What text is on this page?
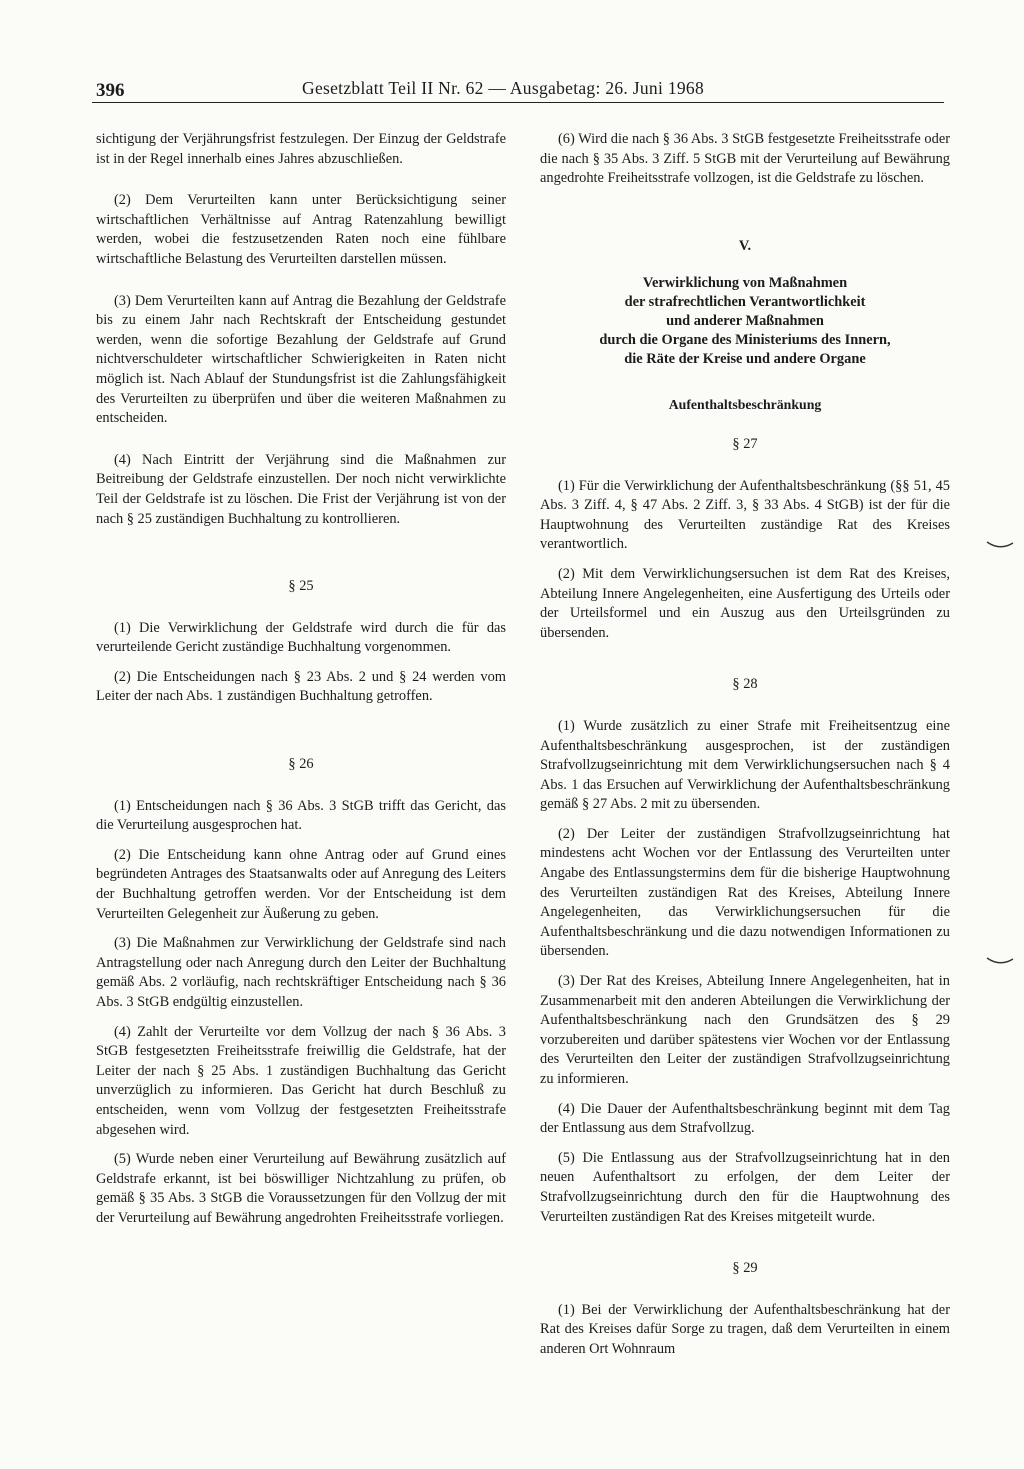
396	Gesetzblatt Teil II Nr. 62 — Ausgabetag: 26. Juni 1968

sichtigung der Verjährungsfrist festzulegen. Der Einzug der Geldstrafe ist in der Regel innerhalb eines Jahres abzuschließen.

(2) Dem Verurteilten kann unter Berücksichtigung seiner wirtschaftlichen Verhältnisse auf Antrag Ratenzahlung bewilligt werden, wobei die festzusetzenden Raten noch eine fühlbare wirtschaftliche Belastung des Verurteilten darstellen müssen.

(3) Dem Verurteilten kann auf Antrag die Bezahlung der Geldstrafe bis zu einem Jahr nach Rechtskraft der Entscheidung gestundet werden, wenn die sofortige Bezahlung der Geldstrafe auf Grund nichtverschuldeter wirtschaftlicher Schwierigkeiten in Raten nicht möglich ist. Nach Ablauf der Stundungsfrist ist die Zahlungsfähigkeit des Verurteilten zu überprüfen und über die weiteren Maßnahmen zu entscheiden.

(4) Nach Eintritt der Verjährung sind die Maßnahmen zur Beitreibung der Geldstrafe einzustellen. Der noch nicht verwirklichte Teil der Geldstrafe ist zu löschen. Die Frist der Verjährung ist von der nach § 25 zuständigen Buchhaltung zu kontrollieren.

§ 25

(1) Die Verwirklichung der Geldstrafe wird durch die für das verurteilende Gericht zuständige Buchhaltung vorgenommen.

(2) Die Entscheidungen nach § 23 Abs. 2 und § 24 werden vom Leiter der nach Abs. 1 zuständigen Buchhaltung getroffen.

§ 26

(1) Entscheidungen nach § 36 Abs. 3 StGB trifft das Gericht, das die Verurteilung ausgesprochen hat.

(2) Die Entscheidung kann ohne Antrag oder auf Grund eines begründeten Antrages des Staatsanwalts oder auf Anregung des Leiters der Buchhaltung getroffen werden. Vor der Entscheidung ist dem Verurteilten Gelegenheit zur Äußerung zu geben.

(3) Die Maßnahmen zur Verwirklichung der Geldstrafe sind nach Antragstellung oder nach Anregung durch den Leiter der Buchhaltung gemäß Abs. 2 vorläufig, nach rechtskräftiger Entscheidung nach § 36 Abs. 3 StGB endgültig einzustellen.

(4) Zahlt der Verurteilte vor dem Vollzug der nach § 36 Abs. 3 StGB festgesetzten Freiheitsstrafe freiwillig die Geldstrafe, hat der Leiter der nach § 25 Abs. 1 zuständigen Buchhaltung das Gericht unverzüglich zu informieren. Das Gericht hat durch Beschluß zu entscheiden, wenn vom Vollzug der festgesetzten Freiheitsstrafe abgesehen wird.

(5) Wurde neben einer Verurteilung auf Bewährung zusätzlich auf Geldstrafe erkannt, ist bei böswilliger Nichtzahlung zu prüfen, ob gemäß § 35 Abs. 3 StGB die Voraussetzungen für den Vollzug der mit der Verurteilung auf Bewährung angedrohten Freiheitsstrafe vorliegen.

(6) Wird die nach § 36 Abs. 3 StGB festgesetzte Freiheitsstrafe oder die nach § 35 Abs. 3 Ziff. 5 StGB mit der Verurteilung auf Bewährung angedrohte Freiheitsstrafe vollzogen, ist die Geldstrafe zu löschen.

V.
Verwirklichung von Maßnahmen
der strafrechtlichen Verantwortlichkeit
und anderer Maßnahmen
durch die Organe des Ministeriums des Innern,
die Räte der Kreise und andere Organe
Aufenthaltsbeschränkung
§ 27

(1) Für die Verwirklichung der Aufenthaltsbeschränkung (§§ 51, 45 Abs. 3 Ziff. 4, § 47 Abs. 2 Ziff. 3, § 33 Abs. 4 StGB) ist der für die Hauptwohnung des Verurteilten zuständige Rat des Kreises verantwortlich.

(2) Mit dem Verwirklichungsersuchen ist dem Rat des Kreises, Abteilung Innere Angelegenheiten, eine Ausfertigung des Urteils oder der Urteilsformel und ein Auszug aus den Urteilsgründen zu übersenden.

§ 28

(1) Wurde zusätzlich zu einer Strafe mit Freiheitsentzug eine Aufenthaltsbeschränkung ausgesprochen, ist der zuständigen Strafvollzugseinrichtung mit dem Verwirklichungsersuchen nach § 4 Abs. 1 das Ersuchen auf Verwirklichung der Aufenthaltsbeschränkung gemäß § 27 Abs. 2 mit zu übersenden.

(2) Der Leiter der zuständigen Strafvollzugseinrichtung hat mindestens acht Wochen vor der Entlassung des Verurteilten unter Angabe des Entlassungstermins dem für die bisherige Hauptwohnung des Verurteilten zuständigen Rat des Kreises, Abteilung Innere Angelegenheiten, das Verwirklichungsersuchen für die Aufenthaltsbeschränkung und die dazu notwendigen Informationen zu übersenden.

(3) Der Rat des Kreises, Abteilung Innere Angelegenheiten, hat in Zusammenarbeit mit den anderen Abteilungen die Verwirklichung der Aufenthaltsbeschränkung nach den Grundsätzen des § 29 vorzubereiten und darüber spätestens vier Wochen vor der Entlassung des Verurteilten den Leiter der zuständigen Strafvollzugseinrichtung zu informieren.

(4) Die Dauer der Aufenthaltsbeschränkung beginnt mit dem Tag der Entlassung aus dem Strafvollzug.

(5) Die Entlassung aus der Strafvollzugseinrichtung hat in den neuen Aufenthaltsort zu erfolgen, der dem Leiter der Strafvollzugseinrichtung durch den für die Hauptwohnung des Verurteilten zuständigen Rat des Kreises mitgeteilt wurde.

§ 29

(1) Bei der Verwirklichung der Aufenthaltsbeschränkung hat der Rat des Kreises dafür Sorge zu tragen, daß dem Verurteilten in einem anderen Ort Wohnraum
